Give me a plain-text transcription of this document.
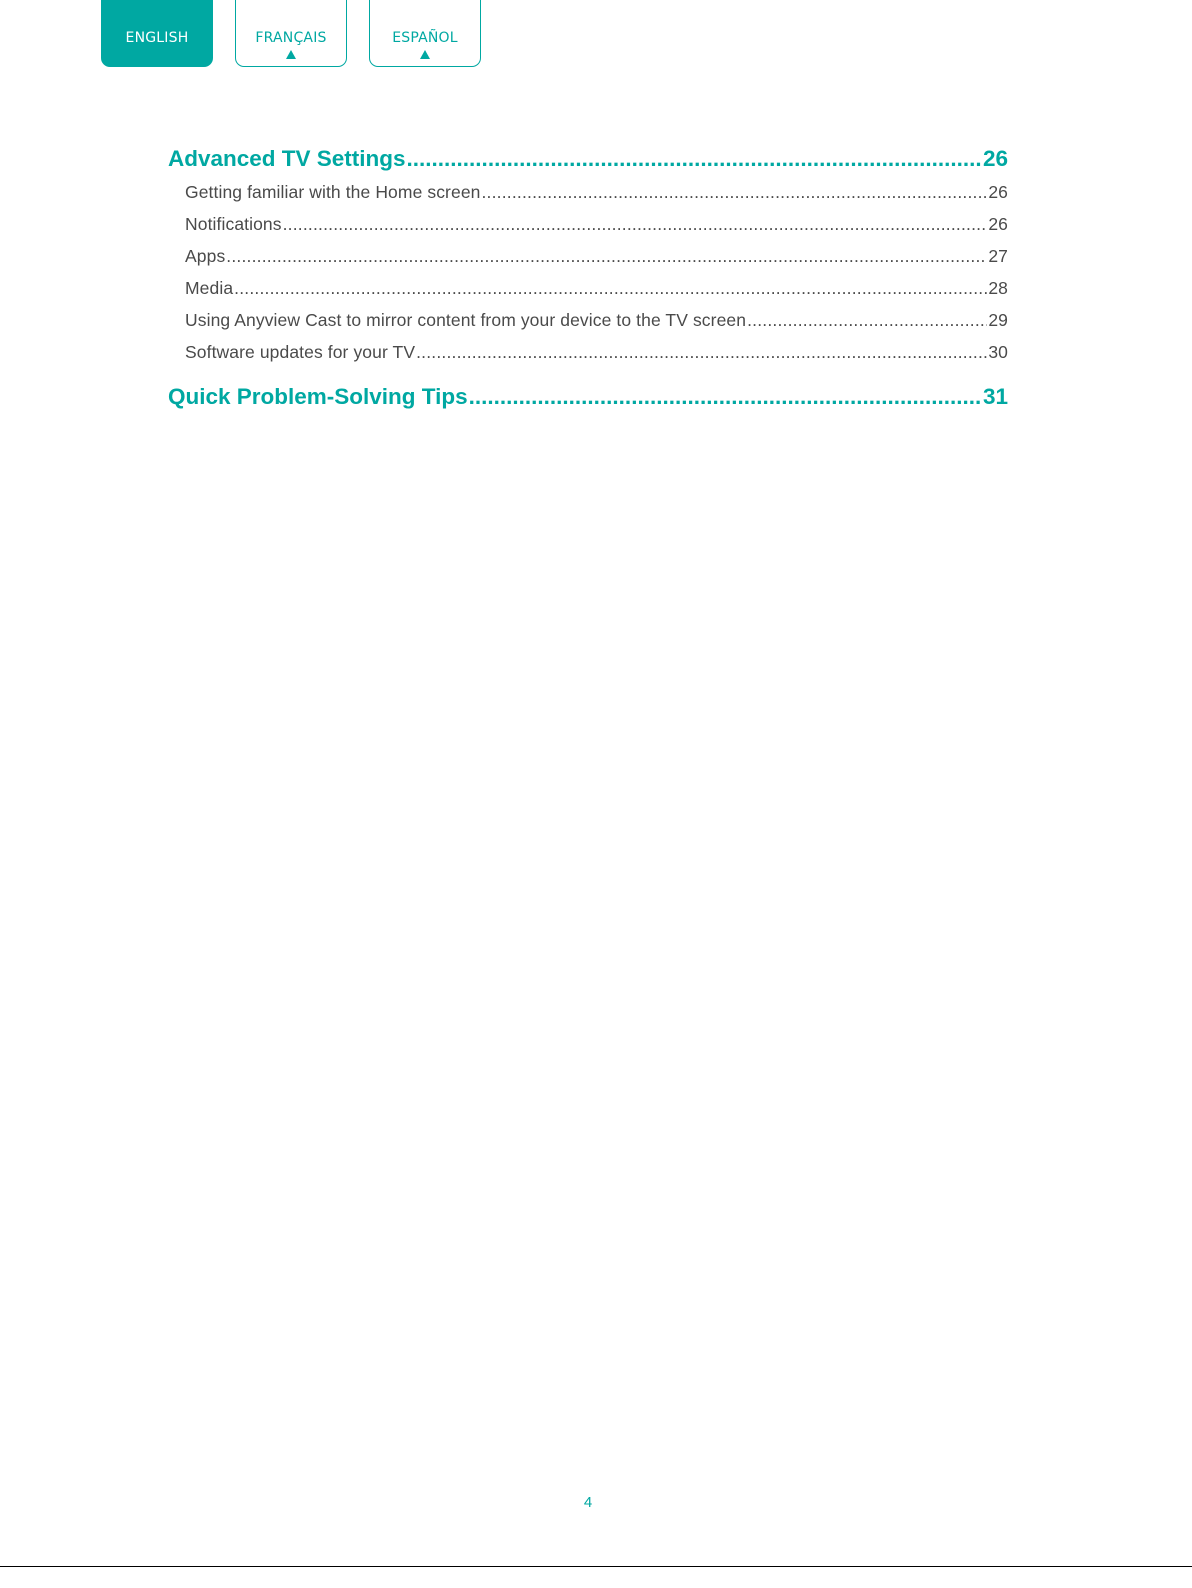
ENGLISH	FRANÇAIS	ESPAÑOL
Advanced TV Settings .....	26
Getting familiar with the Home screen .....	26
Notifications .....	26
Apps .....	27
Media .....	28
Using Anyview Cast to mirror content from your device to the TV screen .....	29
Software updates for your TV .....	30
Quick Problem-Solving Tips .....	31
4
